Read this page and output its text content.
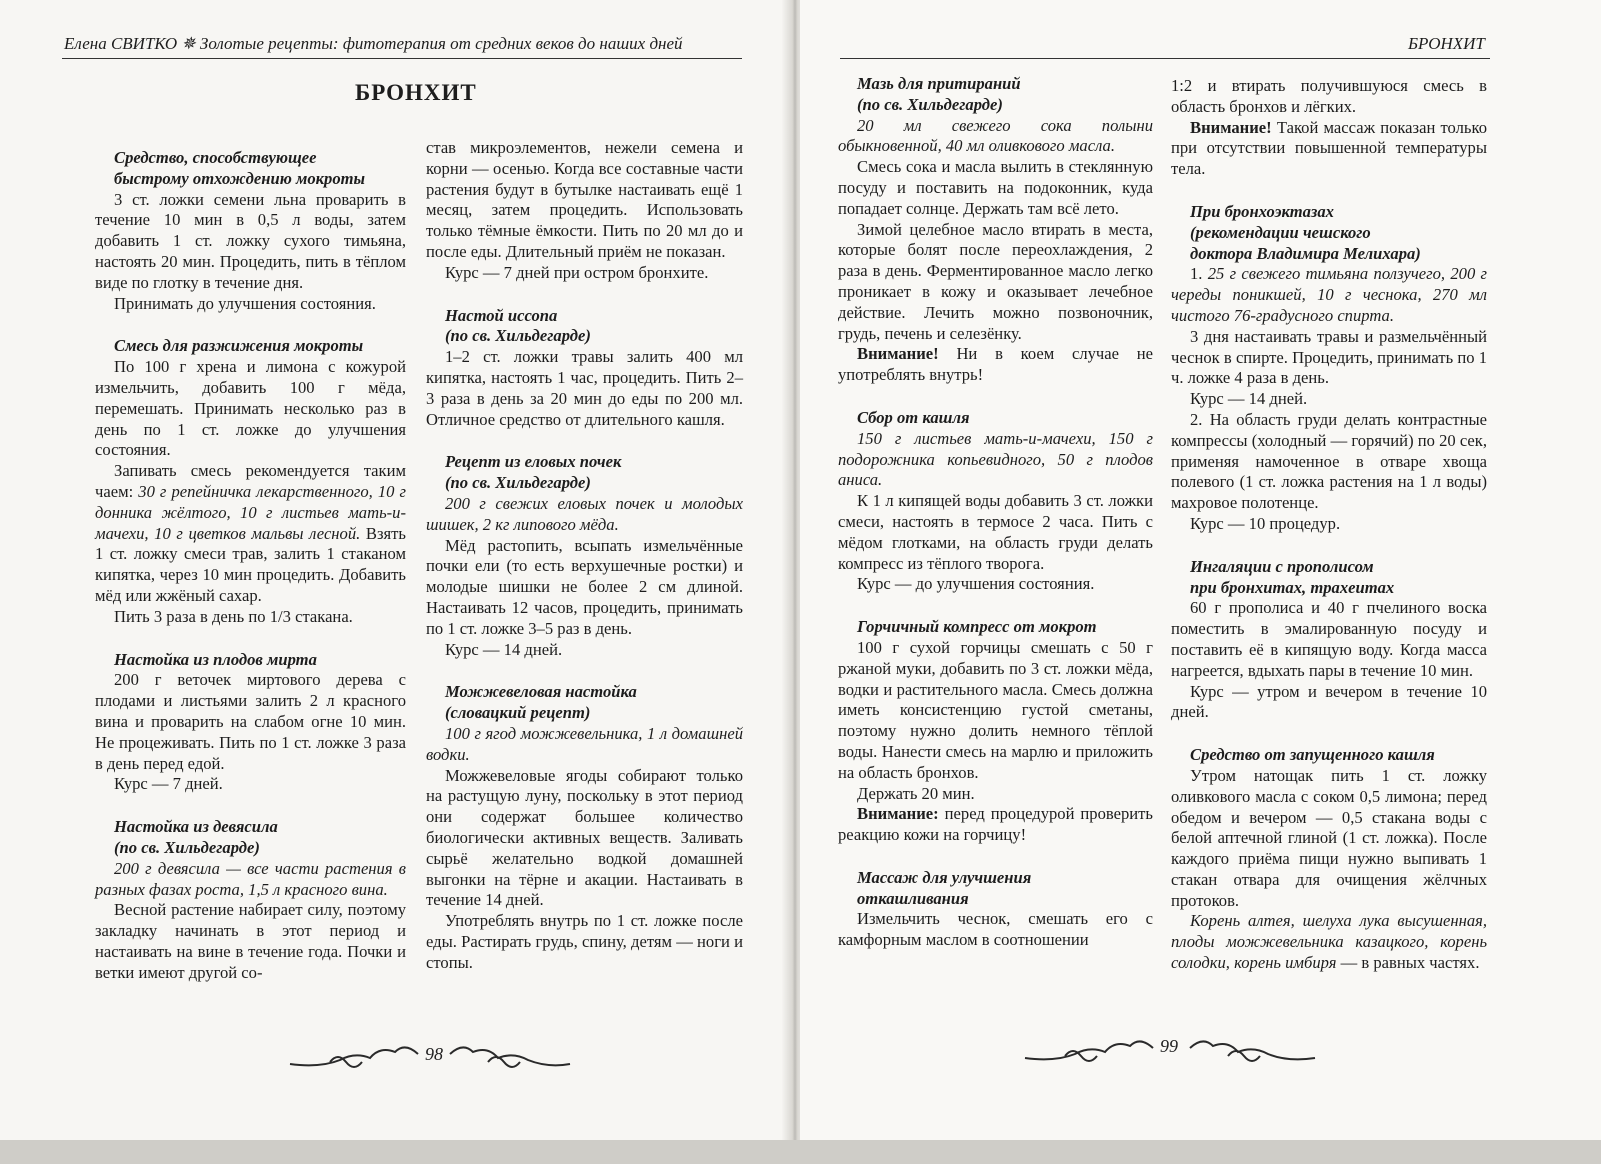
Елена СВИТКО ✵ Золотые рецепты: фитотерапия от средних веков до наших дней
БРОНХИТ
Средство, способствующее
быстрому отхождению мокроты

3 ст. ложки семени льна проварить в течение 10 мин в 0,5 л воды, затем добавить 1 ст. ложку сухого тимьяна, настоять 20 мин. Процедить, пить в тёплом виде по глотку в течение дня.

Принимать до улучшения состояния.

Смесь для разжижения мокроты

По 100 г хрена и лимона с кожурой измельчить, добавить 100 г мёда, перемешать. Принимать несколько раз в день по 1 ст. ложке до улучшения состояния.

Запивать смесь рекомендуется таким чаем: 30 г репейничка лекарственного, 10 г донника жёлтого, 10 г листьев мать-и-мачехи, 10 г цветков мальвы лесной. Взять 1 ст. ложку смеси трав, залить 1 стаканом кипятка, через 10 мин процедить. Добавить мёд или жжёный сахар.

Пить 3 раза в день по 1/3 стакана.

Настойка из плодов мирта

200 г веточек миртового дерева с плодами и листьями залить 2 л красного вина и проварить на слабом огне 10 мин. Не процеживать. Пить по 1 ст. ложке 3 раза в день перед едой.

Курс — 7 дней.

Настойка из девясила
(по св. Хильдегарде)

200 г девясила — все части растения в разных фазах роста, 1,5 л красного вина.

Весной растение набирает силу, поэтому закладку начинать в этот период и настаивать на вине в течение года. Почки и ветки имеют другой со-

став микроэлементов, нежели семена и корни — осенью. Когда все составные части растения будут в бутылке настаивать ещё 1 месяц, затем процедить. Использовать только тёмные ёмкости. Пить по 20 мл до и после еды. Длительный приём не показан.

Курс — 7 дней при остром бронхите.

Настой иссопа
(по св. Хильдегарде)

1–2 ст. ложки травы залить 400 мл кипятка, настоять 1 час, процедить. Пить 2–3 раза в день за 20 мин до еды по 200 мл. Отличное средство от длительного кашля.

Рецепт из еловых почек
(по св. Хильдегарде)

200 г свежих еловых почек и молодых шишек, 2 кг липового мёда.

Мёд растопить, всыпать измельчённые почки ели (то есть верхушечные ростки) и молодые шишки не более 2 см длиной. Настаивать 12 часов, процедить, принимать по 1 ст. ложке 3–5 раз в день.

Курс — 14 дней.

Можжевеловая настойка
(словацкий рецепт)

100 г ягод можжевельника, 1 л домашней водки.

Можжевеловые ягоды собирают только на растущую луну, поскольку в этот период они содержат большее количество биологически активных веществ. Заливать сырьё желательно водкой домашней выгонки на тёрне и акации. Настаивать в течение 14 дней.

Употреблять внутрь по 1 ст. ложке после еды. Растирать грудь, спину, детям — ноги и стопы.

98
БРОНХИТ
Мазь для притираний
(по св. Хильдегарде)

20 мл свежего сока полыни обыкновенной, 40 мл оливкового масла.

Смесь сока и масла вылить в стеклянную посуду и поставить на подоконник, куда попадает солнце. Держать там всё лето.

Зимой целебное масло втирать в места, которые болят после переохлаждения, 2 раза в день. Ферментированное масло легко проникает в кожу и оказывает лечебное действие. Лечить можно позвоночник, грудь, печень и селезёнку.

Внимание! Ни в коем случае не употреблять внутрь!

Сбор от кашля

150 г листьев мать-и-мачехи, 150 г подорожника копьевидного, 50 г плодов аниса.

К 1 л кипящей воды добавить 3 ст. ложки смеси, настоять в термосе 2 часа. Пить с мёдом глотками, на область груди делать компресс из тёплого творога.

Курс — до улучшения состояния.

Горчичный компресс от мокрот

100 г сухой горчицы смешать с 50 г ржаной муки, добавить по 3 ст. ложки мёда, водки и растительного масла. Смесь должна иметь консистенцию густой сметаны, поэтому нужно долить немного тёплой воды. Нанести смесь на марлю и приложить на область бронхов.

Держать 20 мин.

Внимание: перед процедурой проверить реакцию кожи на горчицу!

Массаж для улучшения
откашливания

Измельчить чеснок, смешать его с камфорным маслом в соотношении

1:2 и втирать получившуюся смесь в область бронхов и лёгких.

Внимание! Такой массаж показан только при отсутствии повышенной температуры тела.

При бронхоэктазах
(рекомендации чешского
доктора Владимира Мелихара)

1. 25 г свежего тимьяна ползучего, 200 г череды поникшей, 10 г чеснока, 270 мл чистого 76-градусного спирта.

3 дня настаивать травы и размельчённый чеснок в спирте. Процедить, принимать по 1 ч. ложке 4 раза в день.

Курс — 14 дней.

2. На область груди делать контрастные компрессы (холодный — горячий) по 20 сек, применяя намоченное в отваре хвоща полевого (1 ст. ложка растения на 1 л воды) махровое полотенце.

Курс — 10 процедур.

Ингаляции с прополисом
при бронхитах, трахеитах

60 г прополиса и 40 г пчелиного воска поместить в эмалированную посуду и поставить её в кипящую воду. Когда масса нагреется, вдыхать пары в течение 10 мин.

Курс — утром и вечером в течение 10 дней.

Средство от запущенного кашля

Утром натощак пить 1 ст. ложку оливкового масла с соком 0,5 лимона; перед обедом и вечером — 0,5 стакана воды с белой аптечной глиной (1 ст. ложка). После каждого приёма пищи нужно выпивать 1 стакан отвара для очищения жёлчных протоков.

Корень алтея, шелуха лука высушенная, плоды можжевельника казацкого, корень солодки, корень имбиря — в равных частях.

99
